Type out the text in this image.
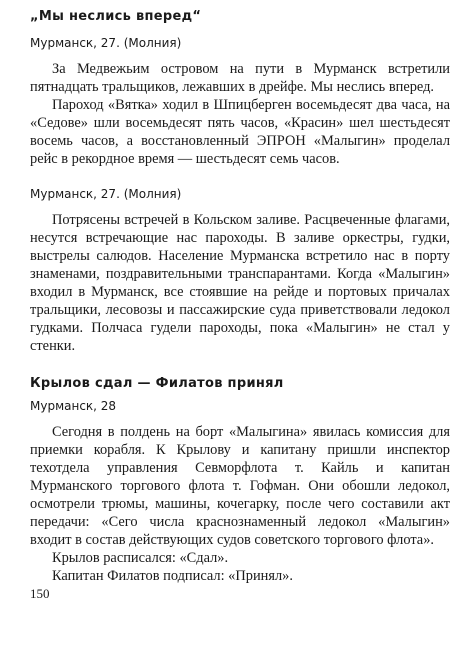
„Мы неслись вперед“

Мурманск, 27. (Молния)

За Медвежьим островом на пути в Мурманск встретили пятнадцать тральщиков, лежавших в дрейфе. Мы неслись вперед.

Пароход «Вятка» ходил в Шпицберген восемьдесят два часа, на «Седове» шли восемьдесят пять часов, «Красин» шел шестьдесят восемь часов, а восстановленный ЭПРОН «Малыгин» проделал рейс в рекордное время — шестьдесят семь часов.

Мурманск, 27. (Молния)

Потрясены встречей в Кольском заливе. Расцвеченные флагами, несутся встречающие нас пароходы. В заливе оркестры, гудки, выстрелы салюдов. Население Мурманска встретило нас в порту знаменами, поздравительными транспарантами. Когда «Малыгин» входил в Мурманск, все стоявшие на рейде и портовых причалах тральщики, лесовозы и пассажирские суда приветствовали ледокол гудками. Полчаса гудели пароходы, пока «Малыгин» не стал у стенки.

Крылов сдал — Филатов принял

Мурманск, 28

Сегодня в полдень на борт «Малыгина» явилась комиссия для приемки корабля. К Крылову и капитану пришли инспектор техотдела управления Севморфлота т. Кайль и капитан Мурманского торгового флота т. Гофман. Они обошли ледокол, осмотрели трюмы, машины, кочегарку, после чего составили акт передачи: «Сего числа краснознаменный ледокол «Малыгин» входит в состав действующих судов советского торгового флота».

Крылов расписался: «Сдал».

Капитан Филатов подписал: «Принял».

150
